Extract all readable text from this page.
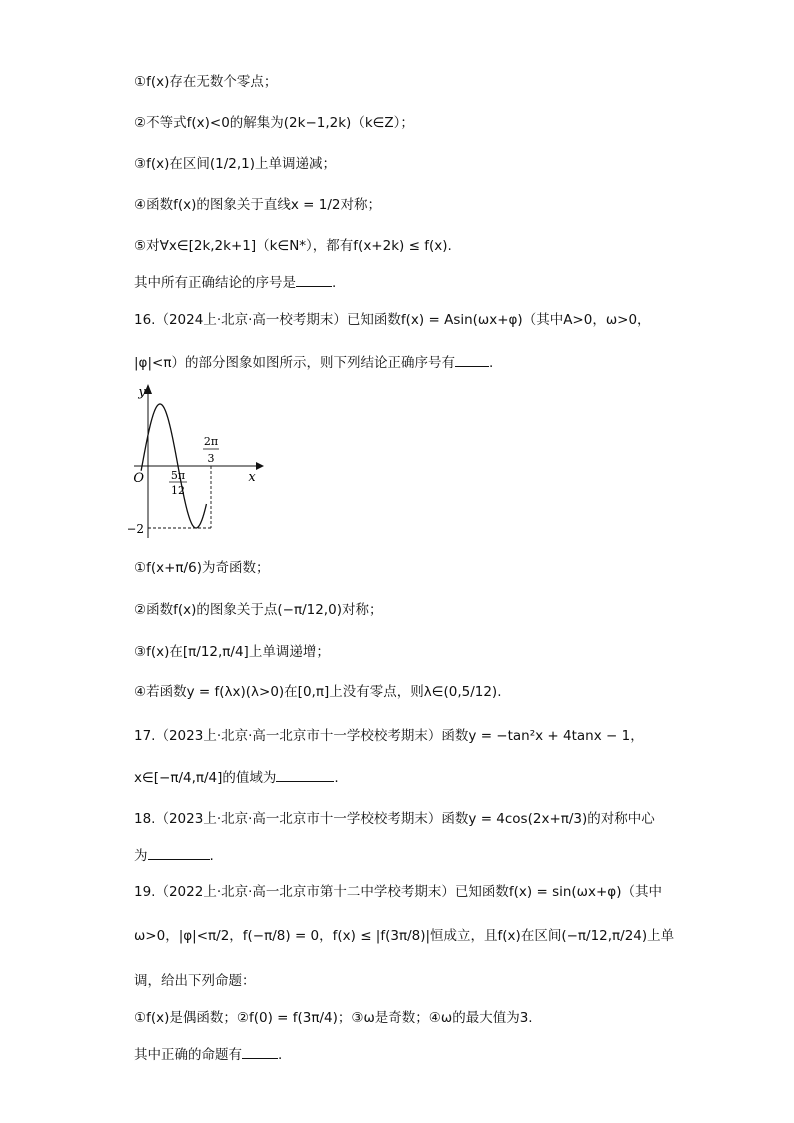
①f(x)存在无数个零点；
②不等式f(x)<0的解集为(2k−1,2k)（k∈Z）；
③f(x)在区间(1/2,1)上单调递减；
④函数f(x)的图象关于直线x = 1/2对称；
⑤对∀x∈[2k,2k+1]（k∈N*），都有f(x+2k) ≤ f(x).
其中所有正确结论的序号是	.
16.（2024上·北京·高一校考期末）已知函数f(x) = Asin(ωx+φ)（其中A>0，ω>0，
|φ|<π）的部分图象如图所示，则下列结论正确序号有	.
y
x
O 5π
12
2π
3
−2
①f(x+π/6)为奇函数；
②函数f(x)的图象关于点(−π/12,0)对称；
③f(x)在[π/12,π/4]上单调递增；
④若函数y = f(λx)(λ>0)在[0,π]上没有零点，则λ∈(0,5/12).
17.（2023上·北京·高一北京市十一学校校考期末）函数y = −tan²x + 4tanx − 1，
x∈[−π/4,π/4]的值域为	.
18.（2023上·北京·高一北京市十一学校校考期末）函数y = 4cos(2x+π/3)的对称中心
为	.
19.（2022上·北京·高一北京市第十二中学校考期末）已知函数f(x) = sin(ωx+φ)（其中
ω>0，|φ|<π/2，f(−π/8) = 0，f(x) ≤ |f(3π/8)|恒成立，且f(x)在区间(−π/12,π/24)上单
调，给出下列命题：
①f(x)是偶函数；②f(0) = f(3π/4)；③ω是奇数；④ω的最大值为3.
其中正确的命题有	.
